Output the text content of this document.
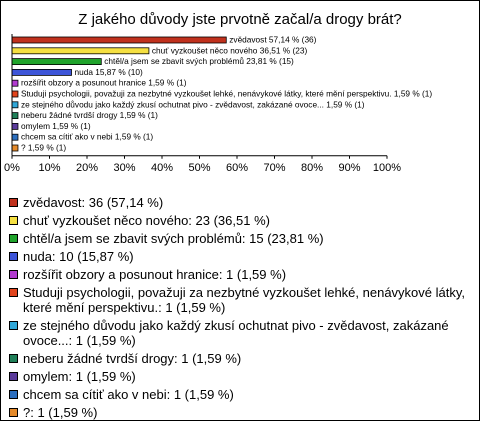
Z jakého důvody jste prvotně začal/a drogy brát?
zvědavost 57,14 % (36)
chuť vyzkoušet něco nového 36,51 % (23)
chtěl/a jsem se zbavit svých problémů 23,81 % (15)
nuda 15,87 % (10)
rozšířit obzory a posunout hranice 1,59 % (1)
Studuji psychologii, považuji za nezbytné vyzkoušet lehké, nenávykové látky, které mění perspektivu. 1,59 % (1)
ze stejného důvodu jako každý zkusí ochutnat pivo - zvědavost, zakázané ovoce... 1,59 % (1)
neberu žádné tvrdší drogy 1,59 % (1)
omylem 1,59 % (1)
chcem sa cítiť ako v nebi 1,59 % (1)
? 1,59 % (1)
0% 10% 20% 30% 40% 50% 60% 70% 80% 90% 100%
zvědavost: 36 (57,14 %)
chuť vyzkoušet něco nového: 23 (36,51 %)
chtěl/a jsem se zbavit svých problémů: 15 (23,81 %)
nuda: 10 (15,87 %)
rozšířit obzory a posunout hranice: 1 (1,59 %)
Studuji psychologii, považuji za nezbytné vyzkoušet lehké, nenávykové látky, které mění perspektivu.: 1 (1,59 %)
ze stejného důvodu jako každý zkusí ochutnat pivo - zvědavost, zakázané ovoce...: 1 (1,59 %)
neberu žádné tvrdší drogy: 1 (1,59 %)
omylem: 1 (1,59 %)
chcem sa cítiť ako v nebi: 1 (1,59 %)
?: 1 (1,59 %)
